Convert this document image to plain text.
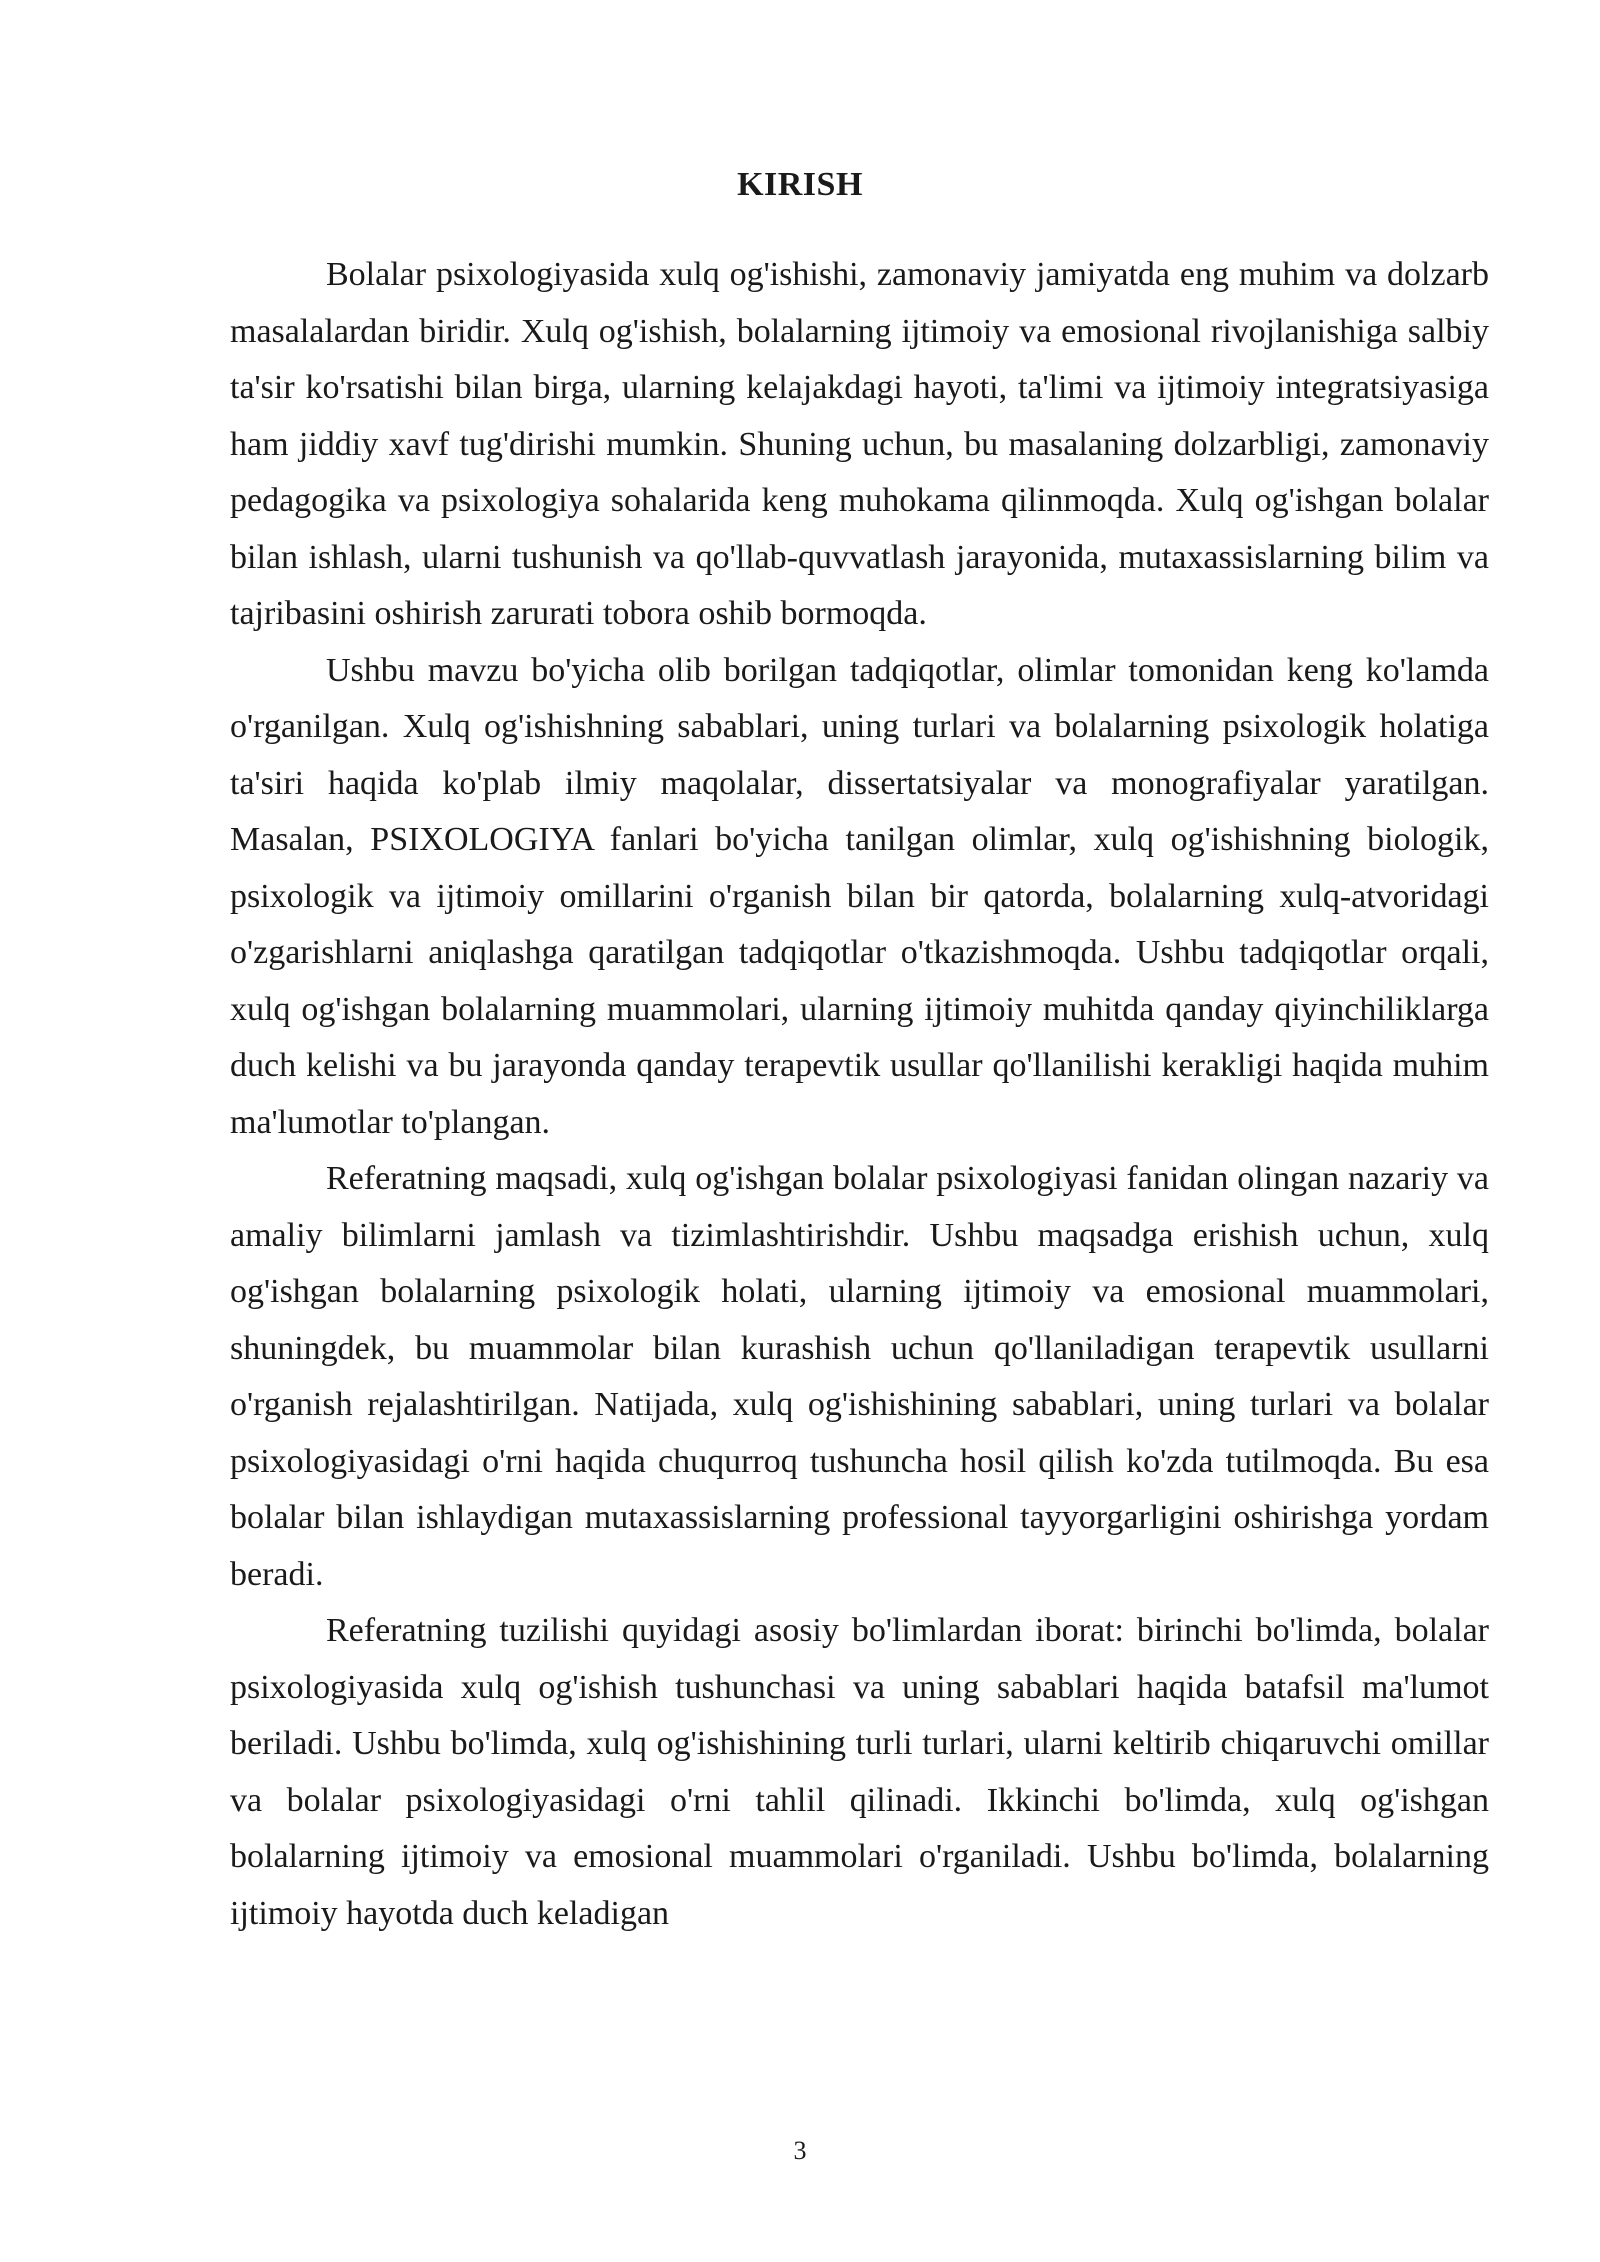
KIRISH

Bolalar psixologiyasida xulq og'ishishi, zamonaviy jamiyatda eng muhim va dolzarb masalalardan biridir. Xulq og'ishish, bolalarning ijtimoiy va emosional rivojlanishiga salbiy ta'sir ko'rsatishi bilan birga, ularning kelajakdagi hayoti, ta'limi va ijtimoiy integratsiyasiga ham jiddiy xavf tug'dirishi mumkin. Shuning uchun, bu masalaning dolzarbligi, zamonaviy pedagogika va psixologiya sohalarida keng muhokama qilinmoqda. Xulq og'ishgan bolalar bilan ishlash, ularni tushunish va qo'llab-quvvatlash jarayonida, mutaxassislarning bilim va tajribasini oshirish zarurati tobora oshib bormoqda.

Ushbu mavzu bo'yicha olib borilgan tadqiqotlar, olimlar tomonidan keng ko'lamda o'rganilgan. Xulq og'ishishning sabablari, uning turlari va bolalarning psixologik holatiga ta'siri haqida ko'plab ilmiy maqolalar, dissertatsiyalar va monografiyalar yaratilgan. Masalan, PSIXOLOGIYA fanlari bo'yicha tanilgan olimlar, xulq og'ishishning biologik, psixologik va ijtimoiy omillarini o'rganish bilan bir qatorda, bolalarning xulq-atvoridagi o'zgarishlarni aniqlashga qaratilgan tadqiqotlar o'tkazishmoqda. Ushbu tadqiqotlar orqali, xulq og'ishgan bolalarning muammolari, ularning ijtimoiy muhitda qanday qiyinchiliklarga duch kelishi va bu jarayonda qanday terapevtik usullar qo'llanilishi kerakligi haqida muhim ma'lumotlar to'plangan.

Referatning maqsadi, xulq og'ishgan bolalar psixologiyasi fanidan olingan nazariy va amaliy bilimlarni jamlash va tizimlashtirishdir. Ushbu maqsadga erishish uchun, xulq og'ishgan bolalarning psixologik holati, ularning ijtimoiy va emosional muammolari, shuningdek, bu muammolar bilan kurashish uchun qo'llaniladigan terapevtik usullarni o'rganish rejalashtirilgan. Natijada, xulq og'ishishining sabablari, uning turlari va bolalar psixologiyasidagi o'rni haqida chuqurroq tushuncha hosil qilish ko'zda tutilmoqda. Bu esa bolalar bilan ishlaydigan mutaxassislarning professional tayyorgarligini oshirishga yordam beradi.

Referatning tuzilishi quyidagi asosiy bo'limlardan iborat: birinchi bo'limda, bolalar psixologiyasida xulq og'ishish tushunchasi va uning sabablari haqida batafsil ma'lumot beriladi. Ushbu bo'limda, xulq og'ishishining turli turlari, ularni keltirib chiqaruvchi omillar va bolalar psixologiyasidagi o'rni tahlil qilinadi. Ikkinchi bo'limda, xulq og'ishgan bolalarning ijtimoiy va emosional muammolari o'rganiladi. Ushbu bo'limda, bolalarning ijtimoiy hayotda duch keladigan

3
